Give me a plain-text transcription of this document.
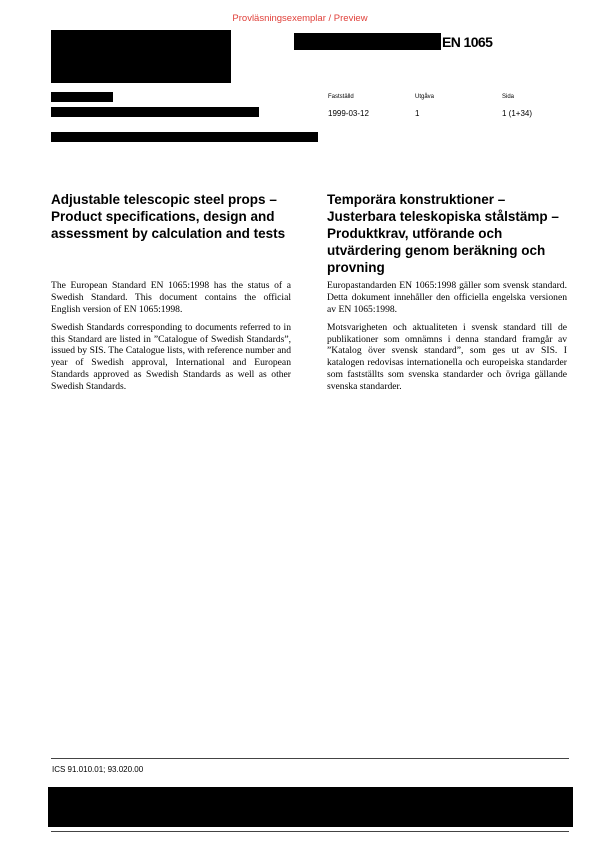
Provläsningsexemplar / Preview
EN 1065
Fastställd	Utgåva	Sida
1999-03-12	1	1 (1+34)
Adjustable telescopic steel props – Product specifications, design and assessment by calculation and tests

The European Standard EN 1065:1998 has the status of a Swedish Standard. This document contains the official English version of EN 1065:1998.

Swedish Standards corresponding to documents referred to in this Standard are listed in ”Catalogue of Swedish Standards”, issued by SIS. The Catalogue lists, with reference number and year of Swedish approval, International and European Standards approved as Swedish Standards as well as other Swedish Standards.

Temporära konstruktioner – Justerbara teleskopiska stålstämp – Produktkrav, utförande och utvärdering genom beräkning och provning

Europastandarden EN 1065:1998 gäller som svensk standard. Detta dokument innehåller den officiella engelska versionen av EN 1065:1998.

Motsvarigheten och aktualiteten i svensk standard till de publikationer som omnämns i denna standard framgår av ”Katalog över svensk standard”, som ges ut av SIS. I katalogen redovisas internationella och europeiska standarder som fastställts som svenska standarder och övriga gällande svenska standarder.

ICS 91.010.01; 93.020.00
